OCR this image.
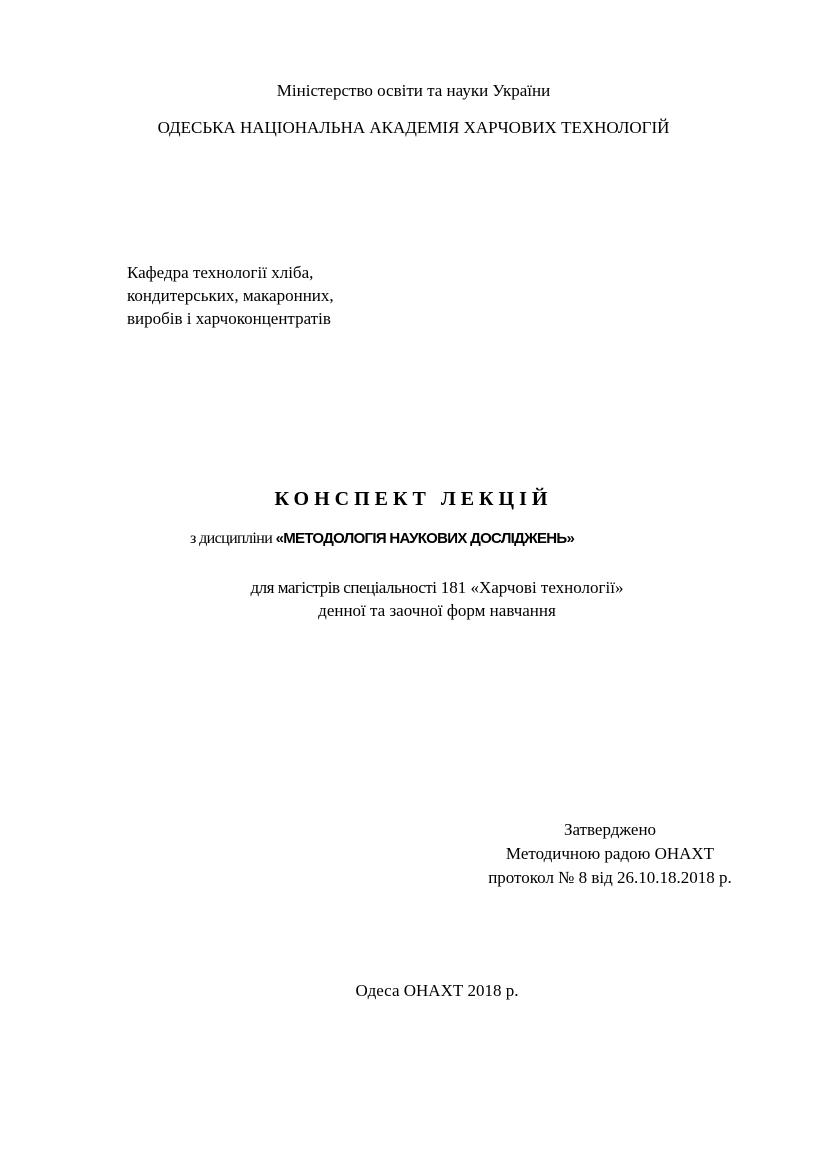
Міністерство освіти та науки України
ОДЕСЬКА НАЦІОНАЛЬНА АКАДЕМІЯ ХАРЧОВИХ ТЕХНОЛОГІЙ
Кафедра технології хліба,
кондитерських, макаронних,
виробів і харчоконцентратів
КОНСПЕКТ ЛЕКЦІЙ
з дисципліни «МЕТОДОЛОГІЯ НАУКОВИХ ДОСЛІДЖЕНЬ»
для магістрів спеціальності 181 «Харчові технології»
денної та заочної форм навчання
Затверджено
Методичною радою ОНАХТ
протокол № 8 від 26.10.18.2018 р.
Одеса ОНАХТ 2018 р.
